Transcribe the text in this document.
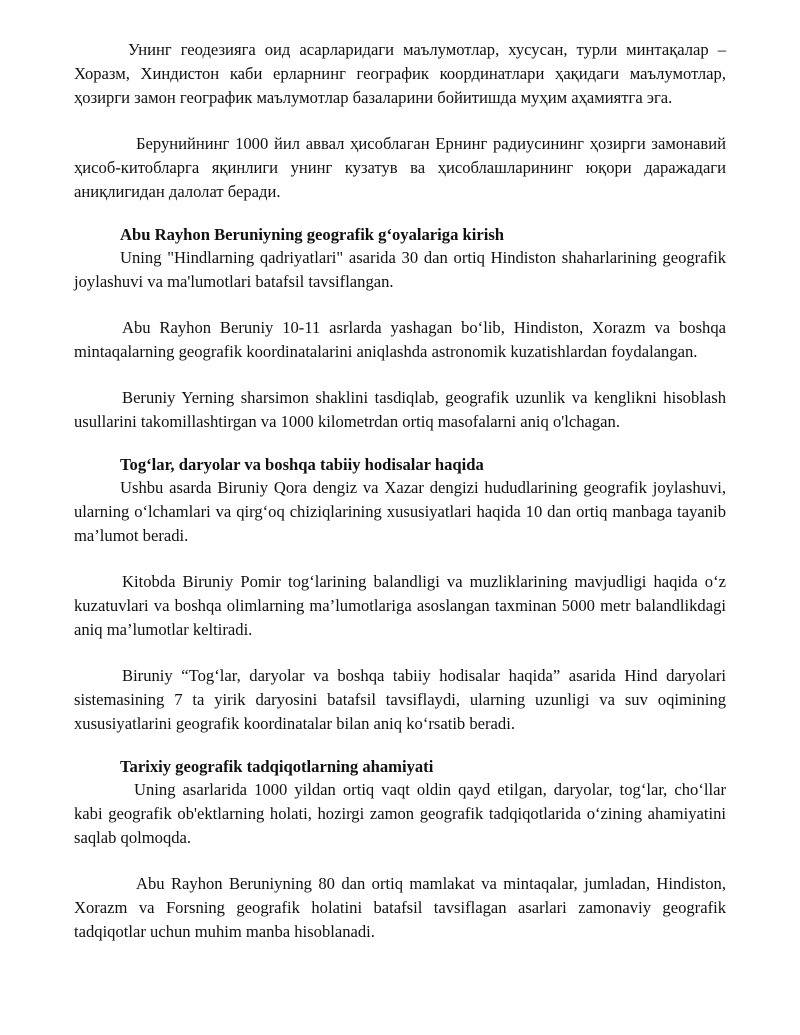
Унинг геодезияга оид асарларидаги маълумотлар, хусусан, турли минтақалар – Хоразм, Хиндистон каби ерларнинг географик координатлари ҳақидаги маълумотлар, ҳозирги замон географик маълумотлар базаларини бойитишда муҳим аҳамиятга эга.

Берунийнинг 1000 йил аввал ҳисоблаган Ернинг радиусининг ҳозирги замонавий ҳисоб-китобларга яқинлиги унинг кузатув ва ҳисоблашларининг юқори даражадаги аниқлигидан далолат беради.

Abu Rayhon Beruniyning geografik g‘oyalariga kirish

Uning "Hindlarning qadriyatlari" asarida 30 dan ortiq Hindiston shaharlarining geografik joylashuvi va ma'lumotlari batafsil tavsiflangan.

Abu Rayhon Beruniy 10-11 asrlarda yashagan bo‘lib, Hindiston, Xorazm va boshqa mintaqalarning geografik koordinatalarini aniqlashda astronomik kuzatishlardan foydalangan.

Beruniy Yerning sharsimon shaklini tasdiqlab, geografik uzunlik va kenglikni hisoblash usullarini takomillashtirgan va 1000 kilometrdan ortiq masofalarni aniq o'lchagan.

Tog‘lar, daryolar va boshqa tabiiy hodisalar haqida

Ushbu asarda Biruniy Qora dengiz va Xazar dengizi hududlarining geografik joylashuvi, ularning o‘lchamlari va qirg‘oq chiziqlarining xususiyatlari haqida 10 dan ortiq manbaga tayanib ma’lumot beradi.

Kitobda Biruniy Pomir tog‘larining balandligi va muzliklarining mavjudligi haqida o‘z kuzatuvlari va boshqa olimlarning ma’lumotlariga asoslangan taxminan 5000 metr balandlikdagi aniq ma’lumotlar keltiradi.

Biruniy “Tog‘lar, daryolar va boshqa tabiiy hodisalar haqida” asarida Hind daryolari sistemasining 7 ta yirik daryosini batafsil tavsiflaydi, ularning uzunligi va suv oqimining xususiyatlarini geografik koordinatalar bilan aniq ko‘rsatib beradi.

Tarixiy geografik tadqiqotlarning ahamiyati

Uning asarlarida 1000 yildan ortiq vaqt oldin qayd etilgan, daryolar, tog‘lar, cho‘llar kabi geografik ob'ektlarning holati, hozirgi zamon geografik tadqiqotlarida o‘zining ahamiyatini saqlab qolmoqda.

Abu Rayhon Beruniyning 80 dan ortiq mamlakat va mintaqalar, jumladan, Hindiston, Xorazm va Forsning geografik holatini batafsil tavsiflagan asarlari zamonaviy geografik tadqiqotlar uchun muhim manba hisoblanadi.
